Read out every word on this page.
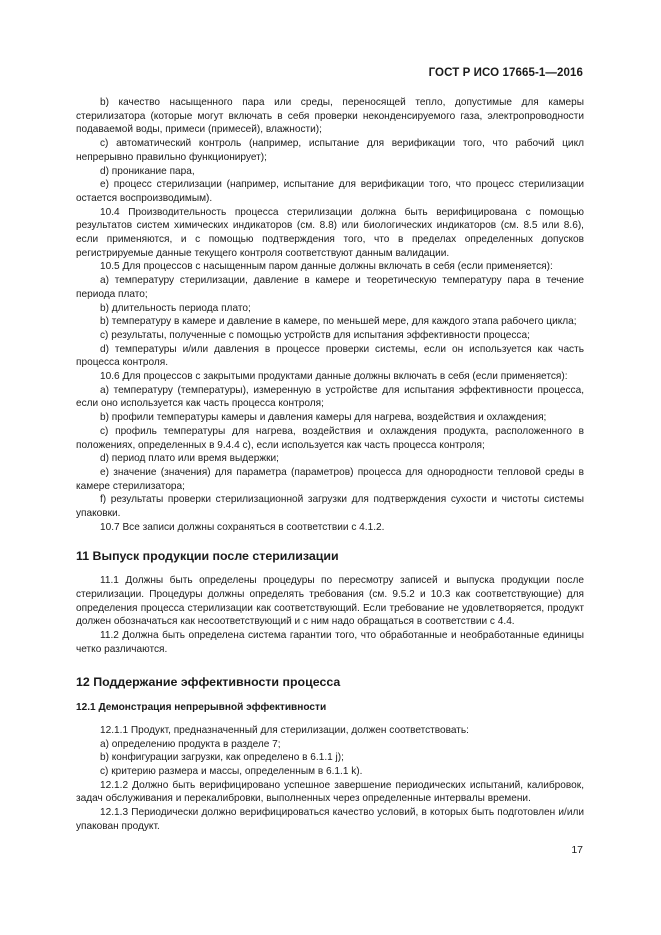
ГОСТ Р ИСО 17665-1—2016

b) качество насыщенного пара или среды, переносящей тепло, допустимые для камеры стерилизатора (которые могут включать в себя проверки неконденсируемого газа, электропроводности подаваемой воды, примеси (примесей), влажности);

c) автоматический контроль (например, испытание для верификации того, что рабочий цикл непрерывно правильно функционирует);

d) проникание пара,

e) процесс стерилизации (например, испытание для верификации того, что процесс стерилизации остается воспроизводимым).

10.4 Производительность процесса стерилизации должна быть верифицирована с помощью результатов систем химических индикаторов (см. 8.8) или биологических индикаторов (см. 8.5 или 8.6), если применяются, и с помощью подтверждения того, что в пределах определенных допусков регистрируемые данные текущего контроля соответствуют данным валидации.

10.5 Для процессов с насыщенным паром данные должны включать в себя (если применяется):

a) температуру стерилизации, давление в камере и теоретическую температуру пара в течение периода плато;

b) длительность периода плато;

b) температуру в камере и давление в камере, по меньшей мере, для каждого этапа рабочего цикла;

c) результаты, полученные с помощью устройств для испытания эффективности процесса;

d) температуры и/или давления в процессе проверки системы, если он используется как часть процесса контроля.

10.6 Для процессов с закрытыми продуктами данные должны включать в себя (если применяется):

a) температуру (температуры), измеренную в устройстве для испытания эффективности процесса, если оно используется как часть процесса контроля;

b) профили температуры камеры и давления камеры для нагрева, воздействия и охлаждения;

c) профиль температуры для нагрева, воздействия и охлаждения продукта, расположенного в положениях, определенных в 9.4.4 c), если используется как часть процесса контроля;

d) период плато или время выдержки;

e) значение (значения) для параметра (параметров) процесса для однородности тепловой среды в камере стерилизатора;

f) результаты проверки стерилизационной загрузки для подтверждения сухости и чистоты системы упаковки.

10.7 Все записи должны сохраняться в соответствии с 4.1.2.

11 Выпуск продукции после стерилизации

11.1 Должны быть определены процедуры по пересмотру записей и выпуска продукции после стерилизации. Процедуры должны определять требования (см. 9.5.2 и 10.3 как соответствующие) для определения процесса стерилизации как соответствующий. Если требование не удовлетворяется, продукт должен обозначаться как несоответствующий и с ним надо обращаться в соответствии с 4.4.

11.2 Должна быть определена система гарантии того, что обработанные и необработанные единицы четко различаются.

12 Поддержание эффективности процесса
12.1 Демонстрация непрерывной эффективности

12.1.1 Продукт, предназначенный для стерилизации, должен соответствовать:

a) определению продукта в разделе 7;

b) конфигурации загрузки, как определено в 6.1.1 j);

c) критерию размера и массы, определенным в 6.1.1 k).

12.1.2 Должно быть верифицировано успешное завершение периодических испытаний, калибровок, задач обслуживания и перекалибровки, выполненных через определенные интервалы времени.

12.1.3 Периодически должно верифицироваться качество условий, в которых быть подготовлен и/или упакован продукт.

17
